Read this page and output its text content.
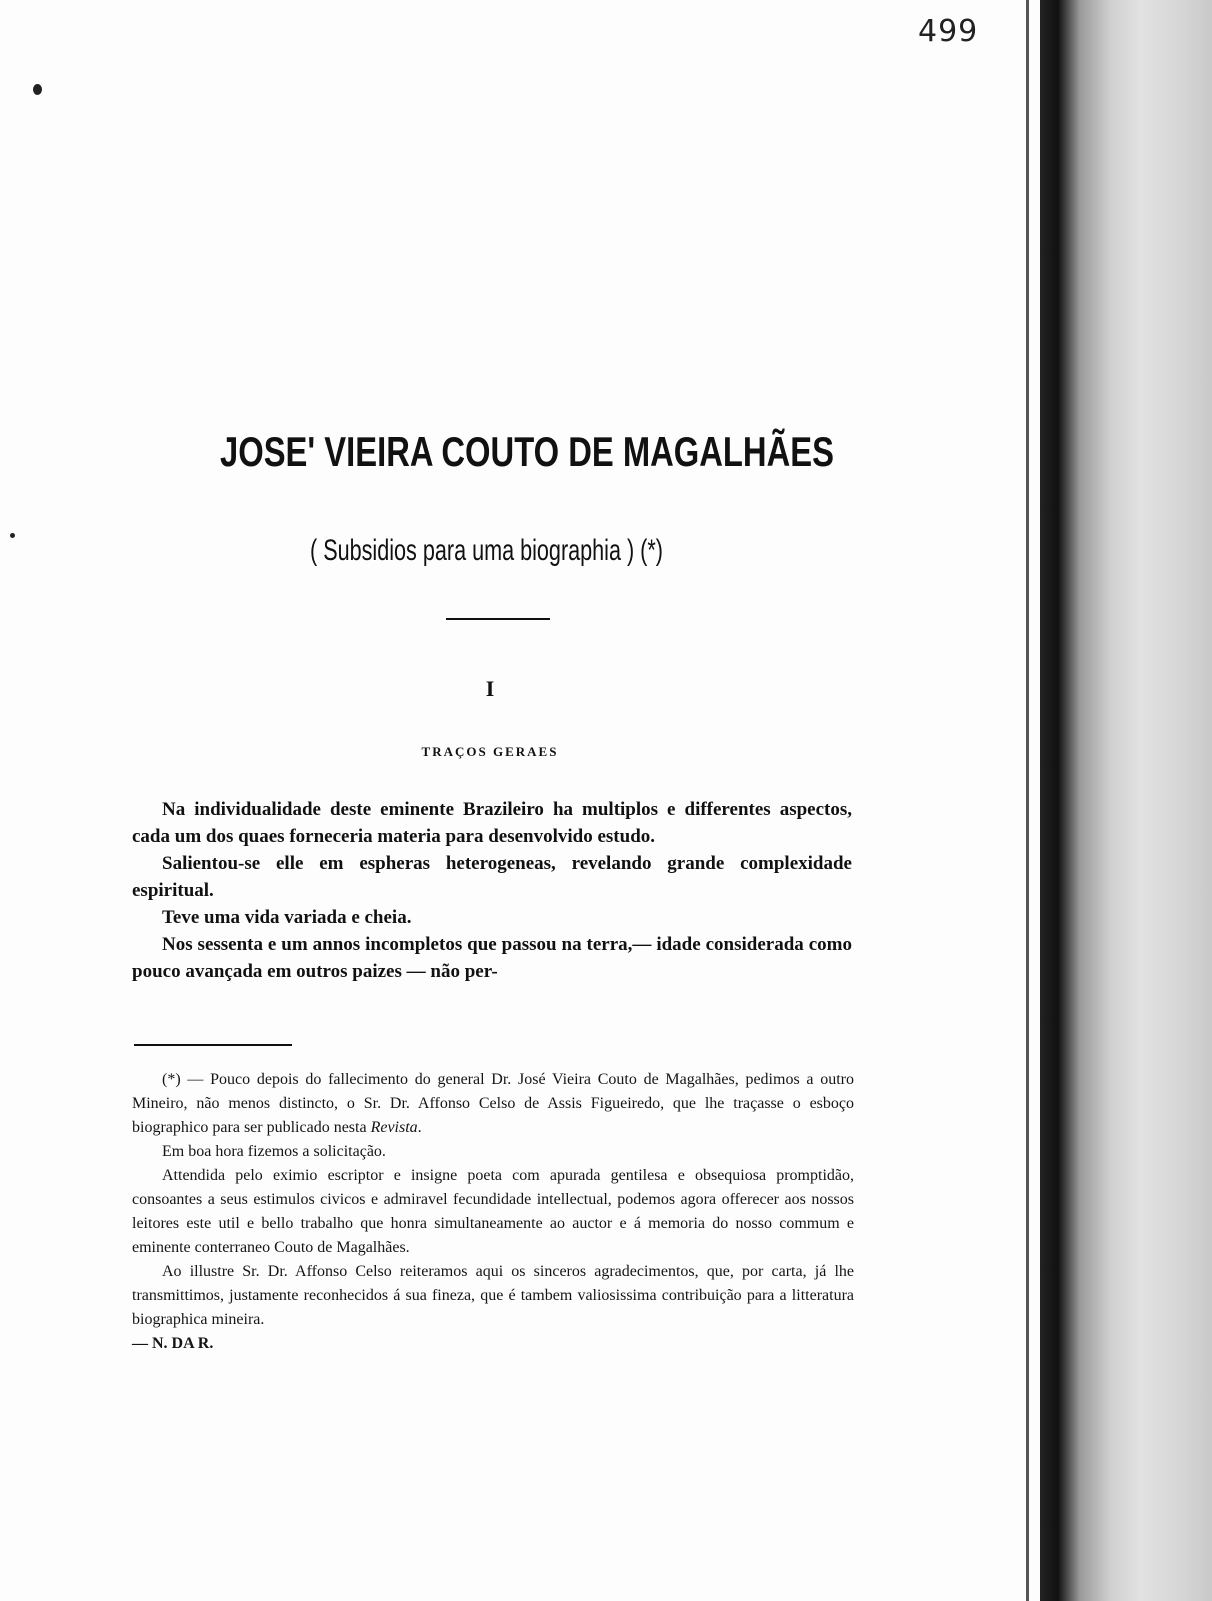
499
JOSE' VIEIRA COUTO DE MAGALHÃES
( Subsidios para uma biographia ) (*)
I
TRAÇOS GERAES

Na individualidade deste eminente Brazileiro ha multiplos e differentes aspectos, cada um dos quaes forneceria materia para desenvolvido estudo.

Salientou-se elle em espheras heterogeneas, revelando grande complexidade espiritual.

Teve uma vida variada e cheia.

Nos sessenta e um annos incompletos que passou na terra,— idade considerada como pouco avançada em outros paizes — não per-

(*) — Pouco depois do fallecimento do general Dr. José Vieira Couto de Magalhães, pedimos a outro Mineiro, não menos distincto, o Sr. Dr. Affonso Celso de Assis Figueiredo, que lhe traçasse o esboço biographico para ser publicado nesta Revista.

Em boa hora fizemos a solicitação.

Attendida pelo eximio escriptor e insigne poeta com apurada gentilesa e obsequiosa promptidão, consoantes a seus estimulos civicos e admiravel fecundidade intellectual, podemos agora offerecer aos nossos leitores este util e bello trabalho que honra simultaneamente ao auctor e á memoria do nosso commum e eminente conterraneo Couto de Magalhães.

Ao illustre Sr. Dr. Affonso Celso reiteramos aqui os sinceros agradecimentos, que, por carta, já lhe transmittimos, justamente reconhecidos á sua fineza, que é tambem valiosissima contribuição para a litteratura biographica mineira.

— N. DA R.
